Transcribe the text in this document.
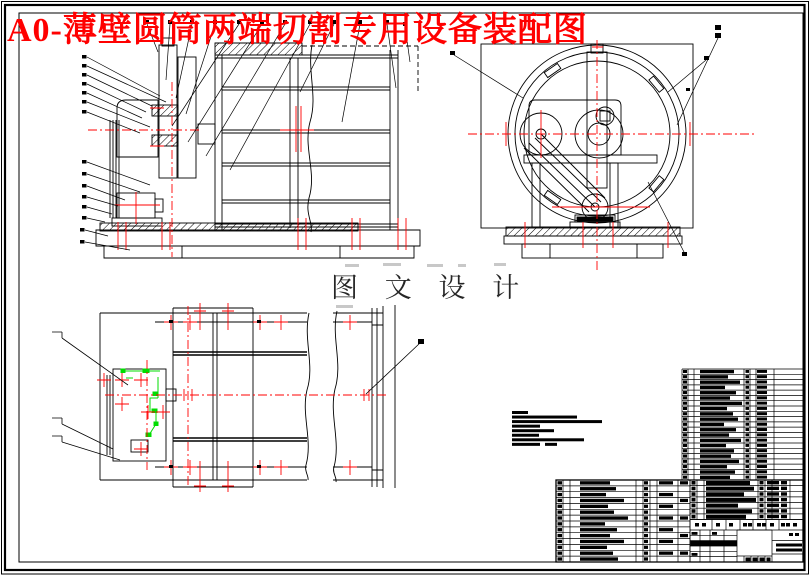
A0-薄壁圆筒两端切割专用设备装配图
图 文 设 计
